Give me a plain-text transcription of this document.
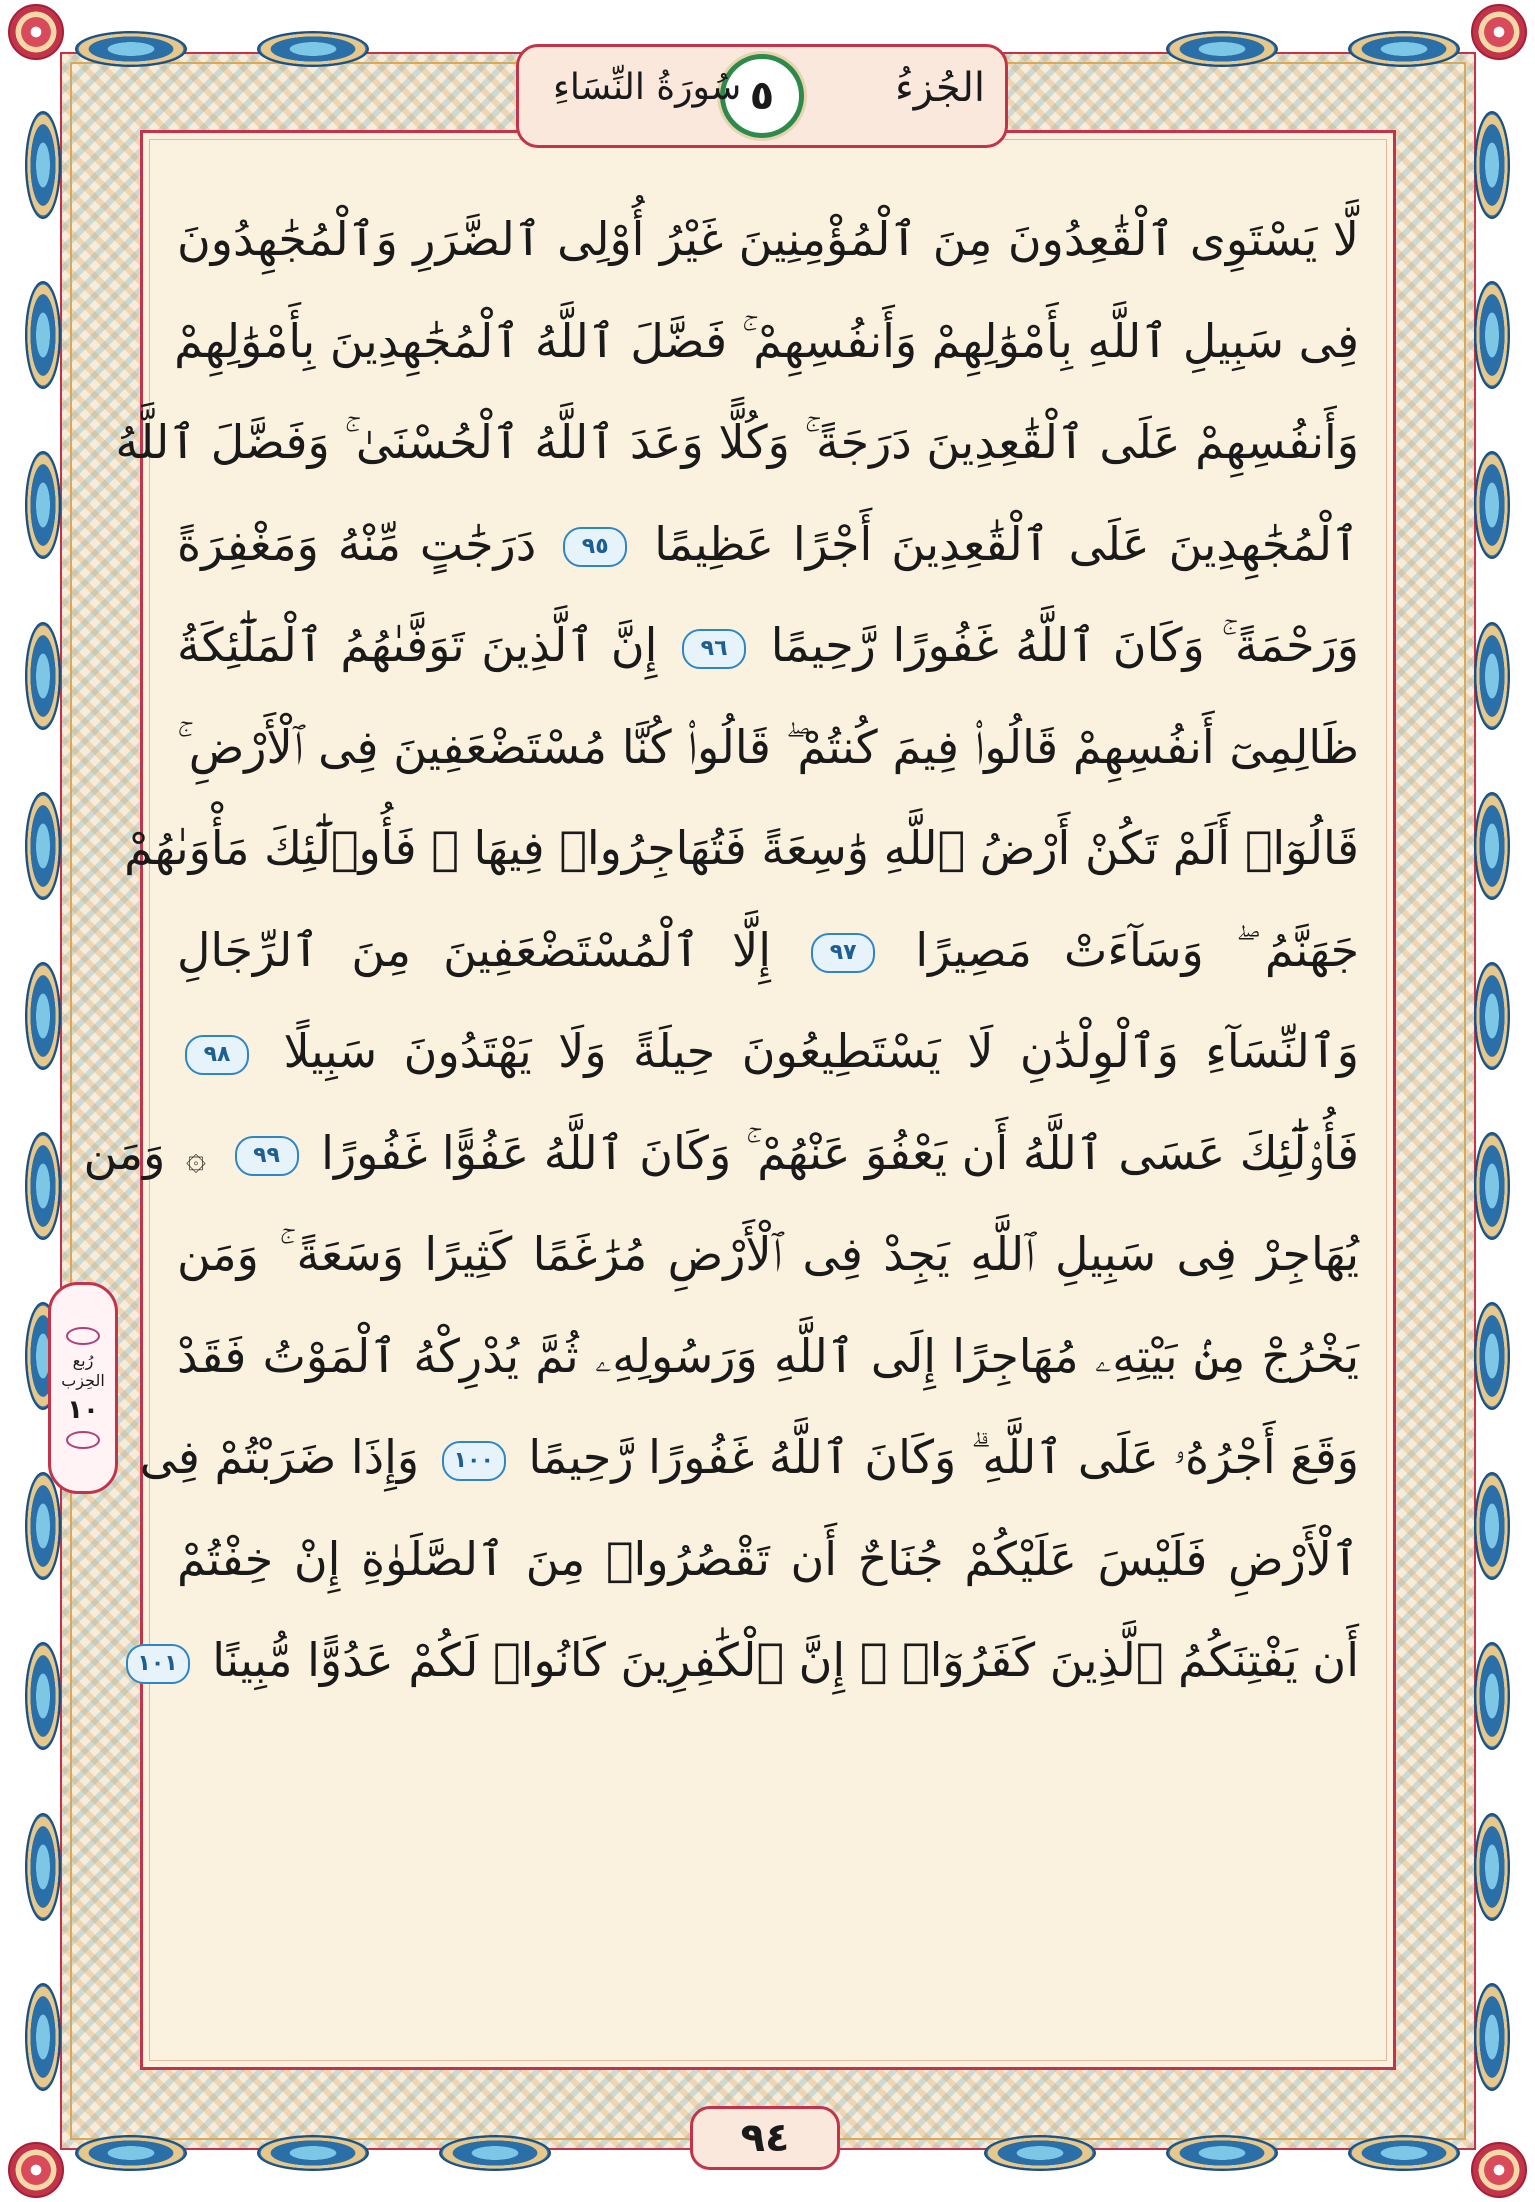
لَّا يَسْتَوِى ٱلْقَٰعِدُونَ مِنَ ٱلْمُؤْمِنِينَ غَيْرُ أُوْلِى ٱلضَّرَرِ وَٱلْمُجَٰهِدُونَ
فِى سَبِيلِ ٱللَّهِ بِأَمْوَٰلِهِمْ وَأَنفُسِهِمْ ۚ فَضَّلَ ٱللَّهُ ٱلْمُجَٰهِدِينَ بِأَمْوَٰلِهِمْ
وَأَنفُسِهِمْ عَلَى ٱلْقَٰعِدِينَ دَرَجَةً ۚ وَكُلًّا وَعَدَ ٱللَّهُ ٱلْحُسْنَىٰ ۚ وَفَضَّلَ ٱللَّهُ
ٱلْمُجَٰهِدِينَ عَلَى ٱلْقَٰعِدِينَ أَجْرًا عَظِيمًا ٩٥ دَرَجَٰتٍ مِّنْهُ وَمَغْفِرَةً
وَرَحْمَةً ۚ وَكَانَ ٱللَّهُ غَفُورًا رَّحِيمًا ٩٦ إِنَّ ٱلَّذِينَ تَوَفَّىٰهُمُ ٱلْمَلَٰٓئِكَةُ
ظَالِمِىٓ أَنفُسِهِمْ قَالُوا۟ فِيمَ كُنتُمْ ۖ قَالُوا۟ كُنَّا مُسْتَضْعَفِينَ فِى ٱلْأَرْضِ ۚ
قَالُوٓا۟ أَلَمْ تَكُنْ أَرْضُ ٱللَّهِ وَٰسِعَةً فَتُهَاجِرُوا۟ فِيهَا ۚ فَأُو۟لَٰٓئِكَ مَأْوَىٰهُمْ
جَهَنَّمُ ۖ وَسَآءَتْ مَصِيرًا ٩٧ إِلَّا ٱلْمُسْتَضْعَفِينَ مِنَ ٱلرِّجَالِ
وَٱلنِّسَآءِ وَٱلْوِلْدَٰنِ لَا يَسْتَطِيعُونَ حِيلَةً وَلَا يَهْتَدُونَ سَبِيلًا ٩٨
فَأُو۟لَٰٓئِكَ عَسَى ٱللَّهُ أَن يَعْفُوَ عَنْهُمْ ۚ وَكَانَ ٱللَّهُ عَفُوًّا غَفُورًا ٩٩ ۞ وَمَن
يُهَاجِرْ فِى سَبِيلِ ٱللَّهِ يَجِدْ فِى ٱلْأَرْضِ مُرَٰغَمًا كَثِيرًا وَسَعَةً ۚ وَمَن
يَخْرُجْ مِنۢ بَيْتِهِۦ مُهَاجِرًا إِلَى ٱللَّهِ وَرَسُولِهِۦ ثُمَّ يُدْرِكْهُ ٱلْمَوْتُ فَقَدْ
وَقَعَ أَجْرُهُۥ عَلَى ٱللَّهِ ۗ وَكَانَ ٱللَّهُ غَفُورًا رَّحِيمًا ١٠٠ وَإِذَا ضَرَبْتُمْ فِى
ٱلْأَرْضِ فَلَيْسَ عَلَيْكُمْ جُنَاحٌ أَن تَقْصُرُوا۟ مِنَ ٱلصَّلَوٰةِ إِنْ خِفْتُمْ
أَن يَفْتِنَكُمُ ٱلَّذِينَ كَفَرُوٓا۟ ۚ إِنَّ ٱلْكَٰفِرِينَ كَانُوا۟ لَكُمْ عَدُوًّا مُّبِينًا ١٠١
الجُزءُ
٥
سُورَةُ النِّسَاءِ
رُبع
الحِزب
١٠
٩٤
